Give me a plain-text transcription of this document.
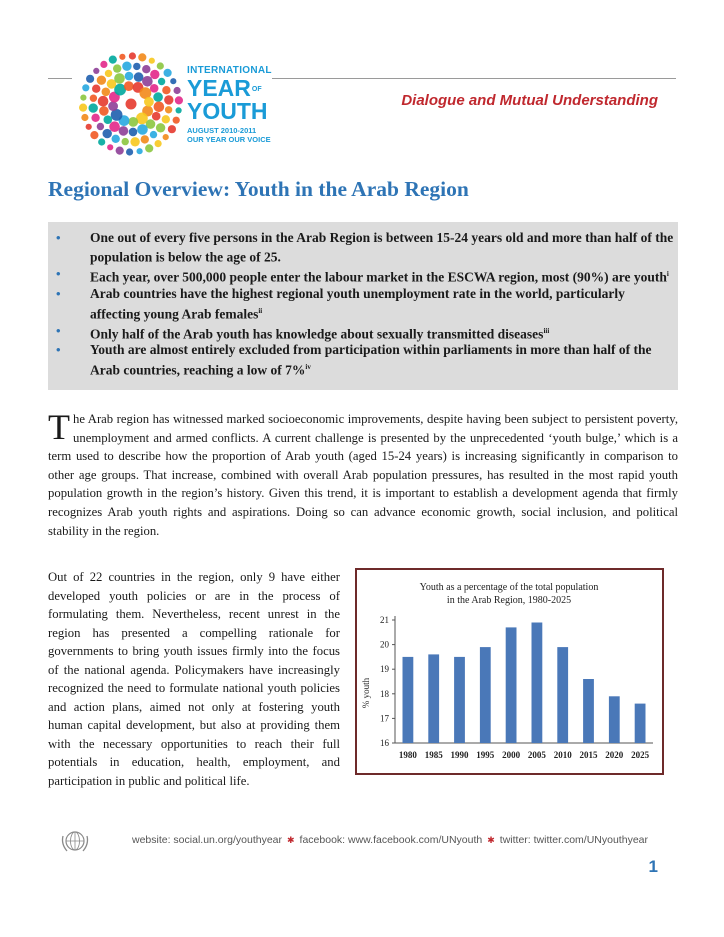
INTERNATIONAL
YEAROF
YOUTH
AUGUST 2010-2011
OUR YEAR OUR VOICE
Dialogue and Mutual Understanding
Regional Overview: Youth in the Arab Region
• One out of every five persons in the Arab Region is between 15-24 years old and more than half of the population is below the age of 25.
• Each year, over 500,000 people enter the labour market in the ESCWA region, most (90%) are youth$^i$
• Arab countries have the highest regional youth unemployment rate in the world, particularly affecting young Arab females$^{ii}$
• Only half of the Arab youth has knowledge about sexually transmitted diseases$^{iii}$
• Youth are almost entirely excluded from participation within parliaments in more than half of the Arab countries, reaching a low of 7%$^{iv}$

The Arab region has witnessed marked socioeconomic improvements, despite having been subject to persistent poverty, unemployment and armed conflicts. A current challenge is presented by the unprecedented ‘youth bulge,’ which is a term used to describe how the proportion of Arab youth (aged 15-24 years) is increasing significantly in comparison to other age groups. That increase, combined with overall Arab population pressures, has resulted in the most rapid youth population growth in the region’s history. Given this trend, it is important to establish a development agenda that firmly recognizes Arab youth rights and aspirations. Doing so can advance economic growth, social inclusion, and political stability in the region.

Out of 22 countries in the region, only 9 have either developed youth policies or are in the process of formulating them. Nevertheless, recent unrest in the region has presented a compelling rationale for governments to bring youth issues firmly into the focus of the national agenda. Policymakers have increasingly recognized the need to formulate national youth policies and action plans, aimed not only at fostering youth human capital development, but also at providing them with the necessary opportunities to reach their full potentials in education, health, employment, and participation in public and political life.

Youth as a percentage of the total population
in the Arab Region, 1980-2025
% youth
16
17
18
19
20
21
1980 1985 1990 1995 2000 2005 2010 2015 2020 2025
website: social.un.org/youthyear ✱ facebook: www.facebook.com/UNyouth ✱ twitter: twitter.com/UNyouthyear
1
